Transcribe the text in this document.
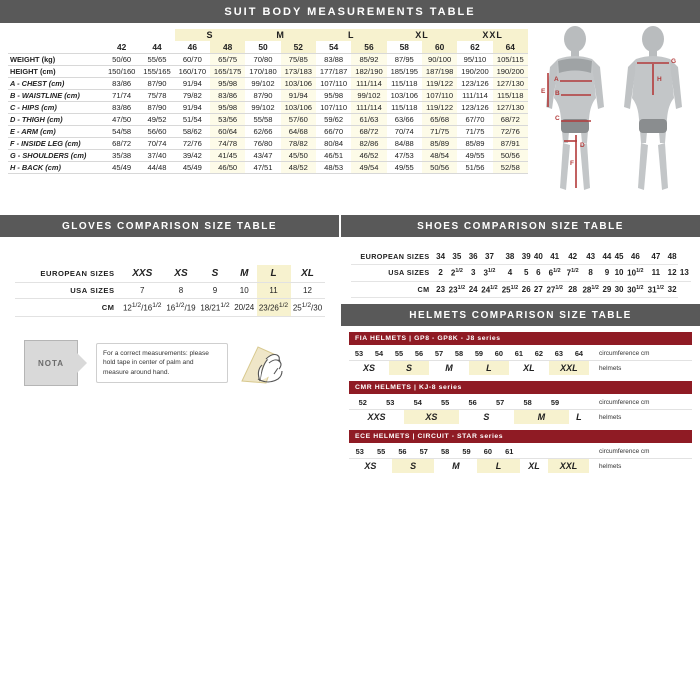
SUIT BODY MEASUREMENTS TABLE
			S		M		L		XL		XXL	
	42	44	46	48	50	52	54	56	58	60	62	64
WEIGHT (kg)	50/60	55/65	60/70	65/75	70/80	75/85	83/88	85/92	87/95	90/100	95/110	105/115
HEIGHT (cm)	150/160	155/165	160/170	165/175	170/180	173/183	177/187	182/190	185/195	187/198	190/200	190/200
A - CHEST (cm)	83/86	87/90	91/94	95/98	99/102	103/106	107/110	111/114	115/118	119/122	123/126	127/130
B - WAISTLINE (cm)	71/74	75/78	79/82	83/86	87/90	91/94	95/98	99/102	103/106	107/110	111/114	115/118
C - HIPS (cm)	83/86	87/90	91/94	95/98	99/102	103/106	107/110	111/114	115/118	119/122	123/126	127/130
D - THIGH (cm)	47/50	49/52	51/54	53/56	55/58	57/60	59/62	61/63	63/66	65/68	67/70	68/72
E - ARM (cm)	54/58	56/60	58/62	60/64	62/66	64/68	66/70	68/72	70/74	71/75	71/75	72/76
F - INSIDE LEG (cm)	68/72	70/74	72/76	74/78	76/80	78/82	80/84	82/86	84/88	85/89	85/89	87/91
G - SHOULDERS (cm)	35/38	37/40	39/42	41/45	43/47	45/50	46/51	46/52	47/53	48/54	49/55	50/56
H - BACK (cm)	45/49	44/48	45/49	46/50	47/51	48/52	48/53	49/54	49/55	50/56	51/56	52/58
A
B
C
D
E
F
G
H
GLOVES COMPARISON SIZE TABLE
EUROPEAN SIZES	XXS	XS	S	M	L	XL
USA SIZES	7	8	9	10	11	12
CM	$12^{1/2}/16^{1/2}$	$16^{1/2}/19$	$18/21^{1/2}$	20/24	$23/26^{1/2}$	$25^{1/2}/30$
NOTA
For a correct measurements: please hold tape in center of palm and measure around hand.
SHOES COMPARISON SIZE TABLE
EUROPEAN SIZES	34	35	36	37	38	39	40	41	42	43	44	45	46	47	48	
USA SIZES	2	$2^{1/2}$	3	$3^{1/2}$	4	5	6	$6^{1/2}$	$7^{1/2}$	8	9	10	$10^{1/2}$	11	12	13
CM	23	$23^{1/2}$	24	$24^{1/2}$	$25^{1/2}$	26	27	$27^{1/2}$	28	$28^{1/2}$	29	30	$30^{1/2}$	$31^{1/2}$	32	
HELMETS COMPARISON SIZE TABLE
FIA HELMETS | GP8 - GP8K - J8 series
53	54	55	56	57	58	59	60	61	62	63	64	circumference cm
XS		S		M		L		XL		XXL		helmets
CMR HELMETS | KJ-8 series
52	53	54	55	56	57	58	59			circumference cm
XXS		XS		S		M		L		helmets
ECE HELMETS | CIRCUIT - STAR series
53	55	56	57	58	59	60	61					circumference cm
XS		S		M		L		XL		XXL		helmets
